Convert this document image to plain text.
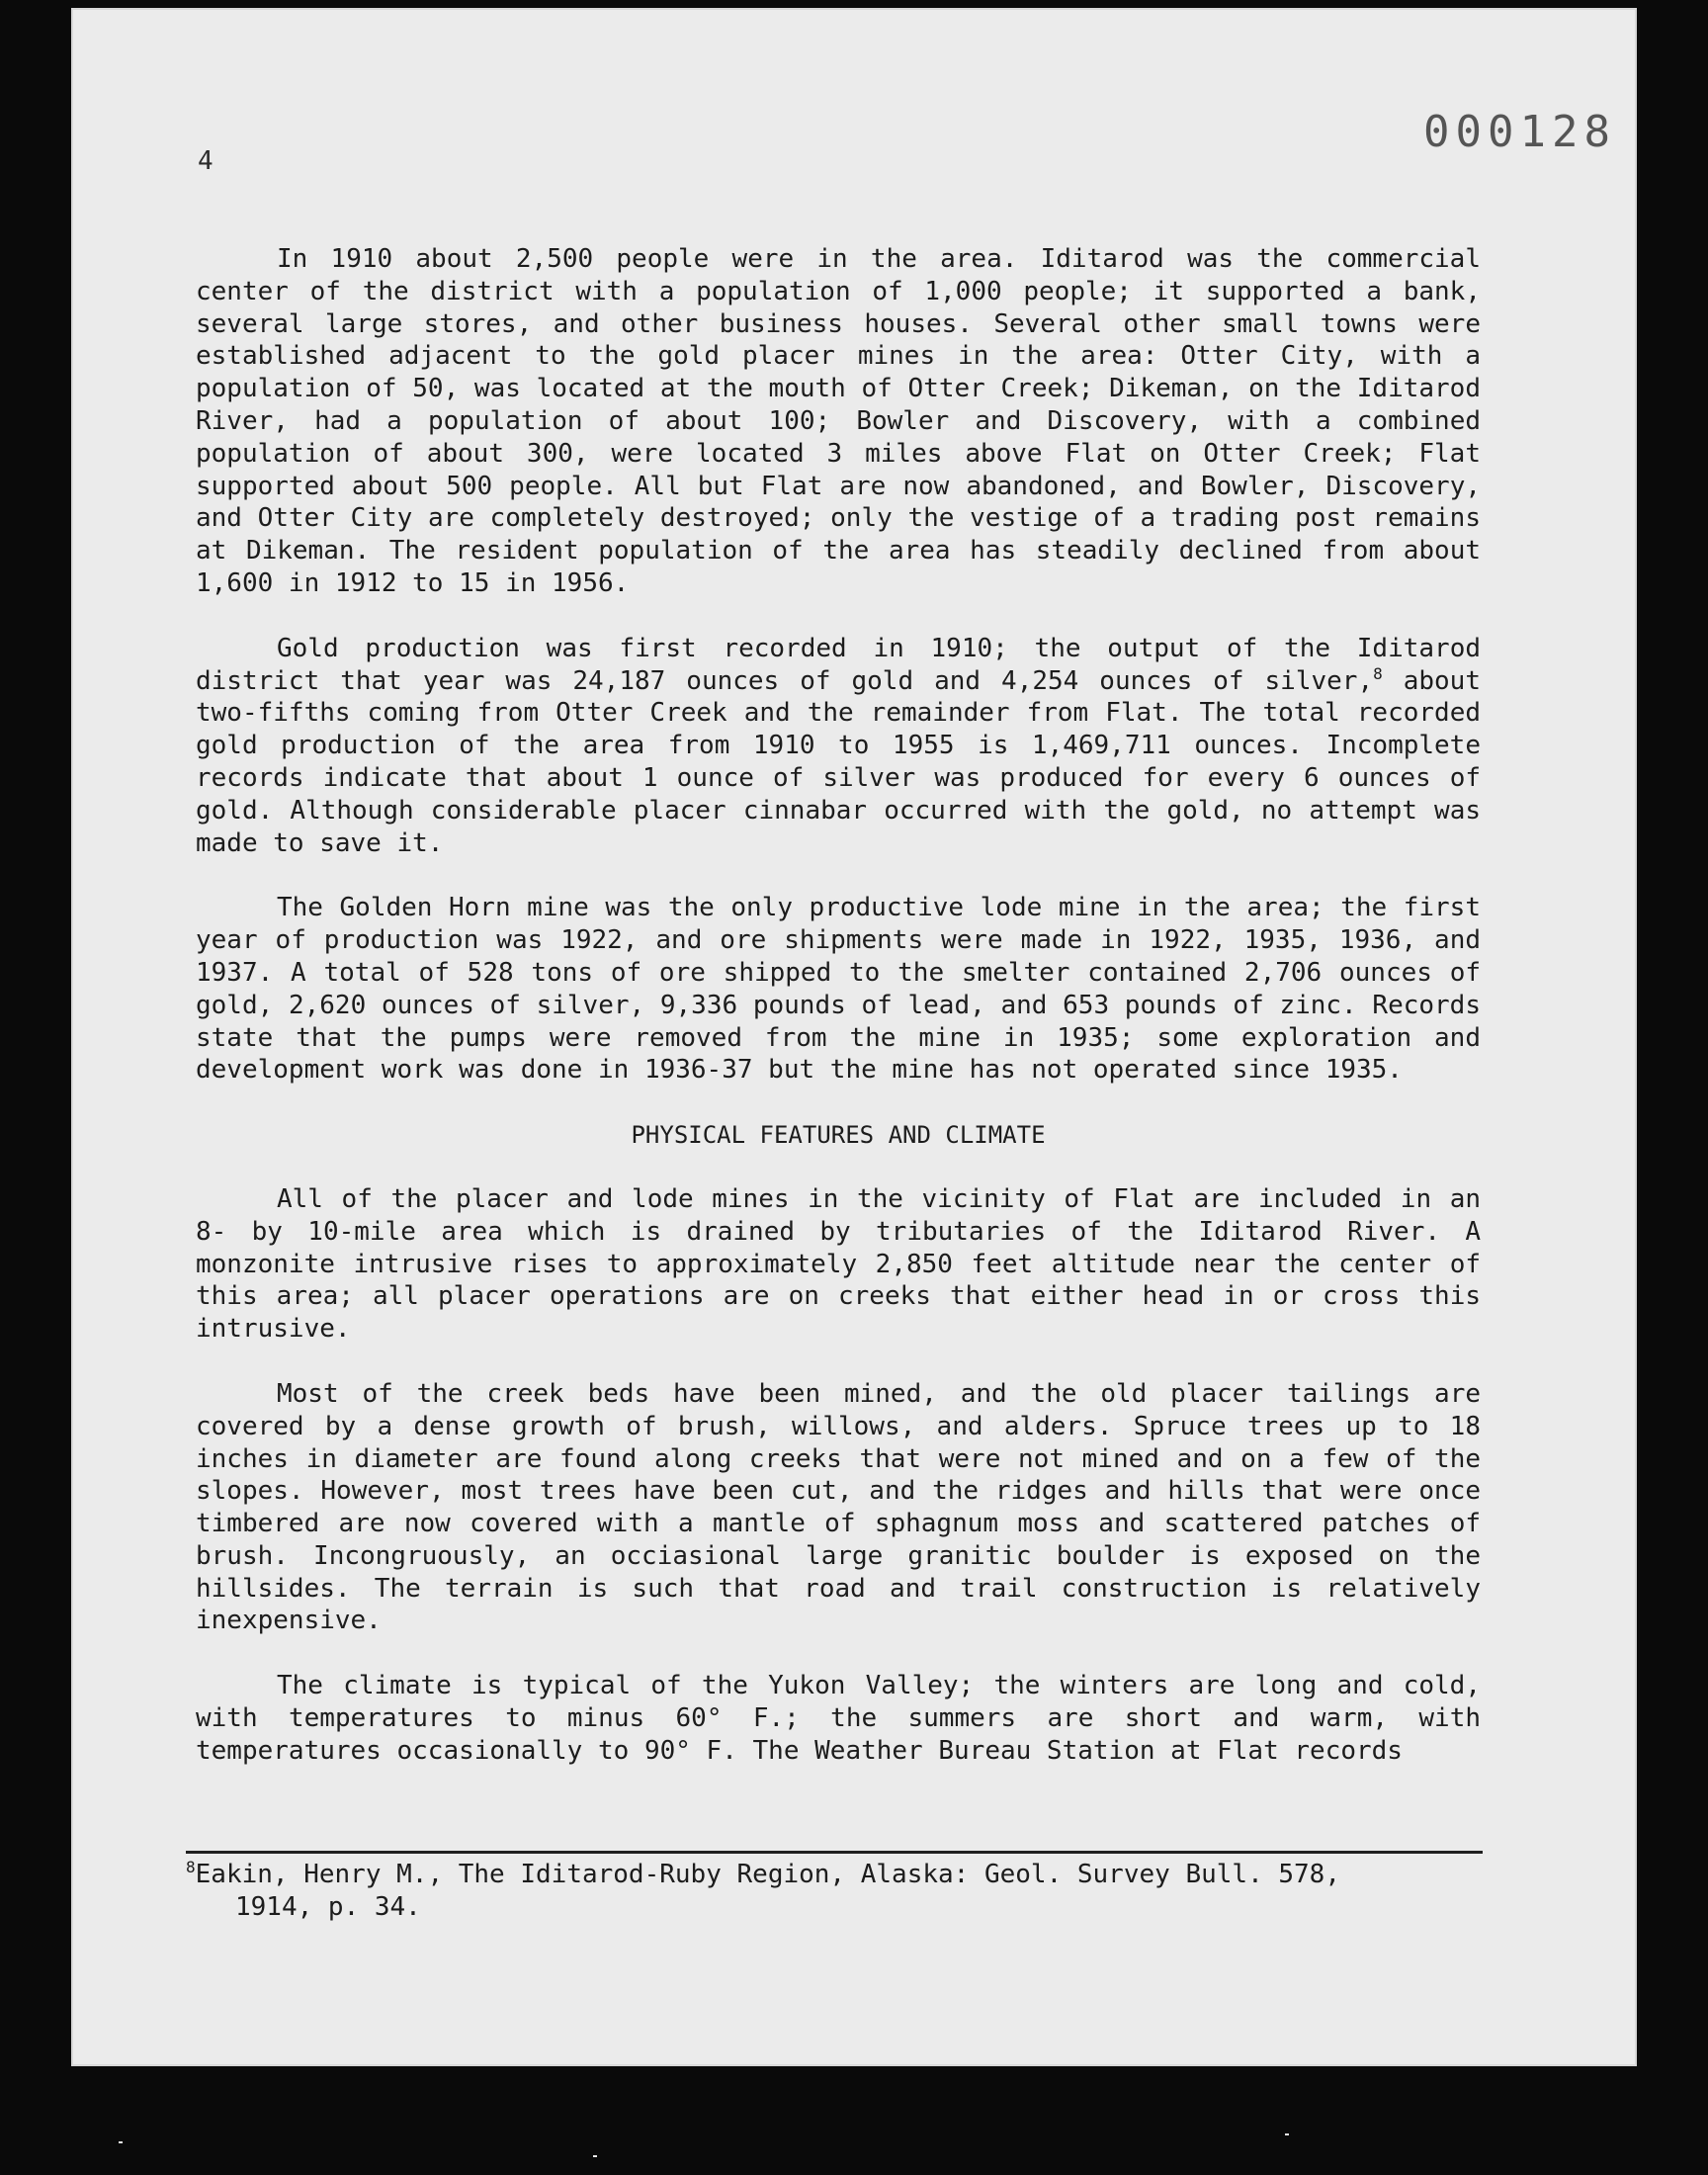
4
000128

In 1910 about 2,500 people were in the area. Iditarod was the commercial center of the district with a population of 1,000 people; it supported a bank, several large stores, and other business houses. Several other small towns were established adjacent to the gold placer mines in the area: Otter City, with a population of 50, was located at the mouth of Otter Creek; Dikeman, on the Iditarod River, had a population of about 100; Bowler and Discovery, with a combined population of about 300, were located 3 miles above Flat on Otter Creek; Flat supported about 500 people. All but Flat are now abandoned, and Bowler, Discovery, and Otter City are completely destroyed; only the vestige of a trading post remains at Dikeman. The resident population of the area has steadily declined from about 1,600 in 1912 to 15 in 1956.

Gold production was first recorded in 1910; the output of the Iditarod district that year was 24,187 ounces of gold and 4,254 ounces of silver,$^8$ about two-fifths coming from Otter Creek and the remainder from Flat. The total recorded gold production of the area from 1910 to 1955 is 1,469,711 ounces. Incomplete records indicate that about 1 ounce of silver was produced for every 6 ounces of gold. Although considerable placer cinnabar occurred with the gold, no attempt was made to save it.

The Golden Horn mine was the only productive lode mine in the area; the first year of production was 1922, and ore shipments were made in 1922, 1935, 1936, and 1937. A total of 528 tons of ore shipped to the smelter contained 2,706 ounces of gold, 2,620 ounces of silver, 9,336 pounds of lead, and 653 pounds of zinc. Records state that the pumps were removed from the mine in 1935; some exploration and development work was done in 1936-37 but the mine has not operated since 1935.

PHYSICAL FEATURES AND CLIMATE

All of the placer and lode mines in the vicinity of Flat are included in an 8- by 10-mile area which is drained by tributaries of the Iditarod River. A monzonite intrusive rises to approximately 2,850 feet altitude near the center of this area; all placer operations are on creeks that either head in or cross this intrusive.

Most of the creek beds have been mined, and the old placer tailings are covered by a dense growth of brush, willows, and alders. Spruce trees up to 18 inches in diameter are found along creeks that were not mined and on a few of the slopes. However, most trees have been cut, and the ridges and hills that were once timbered are now covered with a mantle of sphagnum moss and scattered patches of brush. Incongruously, an occiasional large granitic boulder is exposed on the hillsides. The terrain is such that road and trail construction is relatively inexpensive.

The climate is typical of the Yukon Valley; the winters are long and cold, with temperatures to minus 60° F.; the summers are short and warm, with temperatures occasionally to 90° F. The Weather Bureau Station at Flat records

$^8$Eakin, Henry M., The Iditarod-Ruby Region, Alaska: Geol. Survey Bull. 578,
1914, p. 34.
